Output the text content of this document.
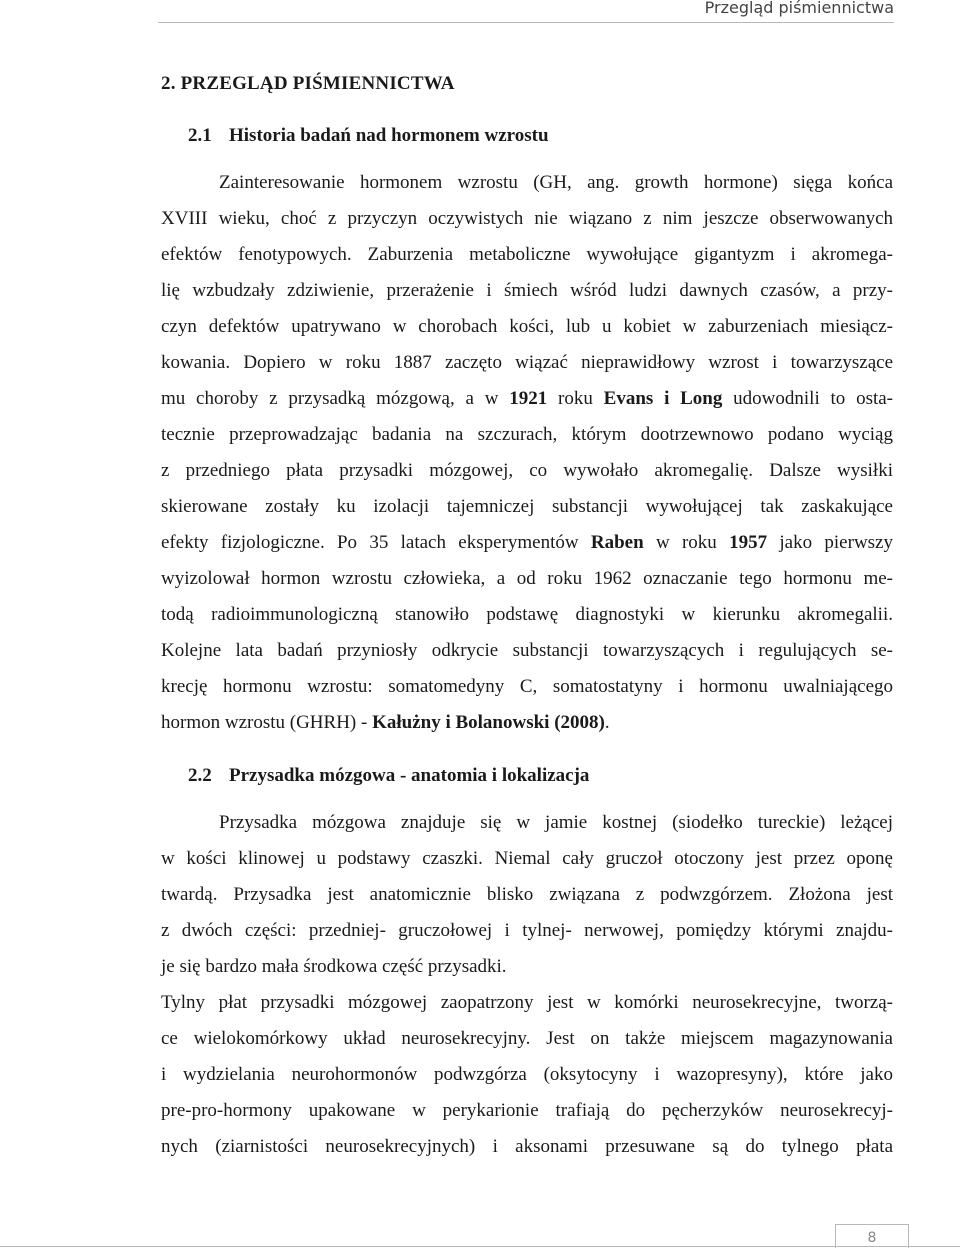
Przegląd piśmiennictwa
2. PRZEGLĄD PIŚMIENNICTWA
2.1 Historia badań nad hormonem wzrostu
Zainteresowanie hormonem wzrostu (GH, ang. growth hormone) sięga końca
XVIII wieku, choć z przyczyn oczywistych nie wiązano z nim jeszcze obserwowanych
efektów fenotypowych. Zaburzenia metaboliczne wywołujące gigantyzm i akromega-
lię wzbudzały zdziwienie, przerażenie i śmiech wśród ludzi dawnych czasów, a przy-
czyn defektów upatrywano w chorobach kości, lub u kobiet w zaburzeniach miesiącz-
kowania. Dopiero w roku 1887 zaczęto wiązać nieprawidłowy wzrost i towarzyszące
mu choroby z przysadką mózgową, a w 1921 roku Evans i Long udowodnili to osta-
tecznie przeprowadzając badania na szczurach, którym dootrzewnowo podano wyciąg
z przedniego płata przysadki mózgowej, co wywołało akromegalię. Dalsze wysiłki
skierowane zostały ku izolacji tajemniczej substancji wywołującej tak zaskakujące
efekty fizjologiczne. Po 35 latach eksperymentów Raben w roku 1957 jako pierwszy
wyizolował hormon wzrostu człowieka, a od roku 1962 oznaczanie tego hormonu me-
todą radioimmunologiczną stanowiło podstawę diagnostyki w kierunku akromegalii.
Kolejne lata badań przyniosły odkrycie substancji towarzyszących i regulujących se-
krecję hormonu wzrostu: somatomedyny C, somatostatyny i hormonu uwalniającego
hormon wzrostu (GHRH) - Kałużny i Bolanowski (2008).
2.2 Przysadka mózgowa - anatomia i lokalizacja
Przysadka mózgowa znajduje się w jamie kostnej (siodełko tureckie) leżącej
w kości klinowej u podstawy czaszki. Niemal cały gruczoł otoczony jest przez oponę
twardą. Przysadka jest anatomicznie blisko związana z podwzgórzem. Złożona jest
z dwóch części: przedniej- gruczołowej i tylnej- nerwowej, pomiędzy którymi znajdu-
je się bardzo mała środkowa część przysadki.
Tylny płat przysadki mózgowej zaopatrzony jest w komórki neurosekrecyjne, tworzą-
ce wielokomórkowy układ neurosekrecyjny. Jest on także miejscem magazynowania
i wydzielania neurohormonów podwzgórza (oksytocyny i wazopresyny), które jako
pre-pro-hormony upakowane w perykarionie trafiają do pęcherzyków neurosekrecyj-
nych (ziarnistości neurosekrecyjnych) i aksonami przesuwane są do tylnego płata
8
